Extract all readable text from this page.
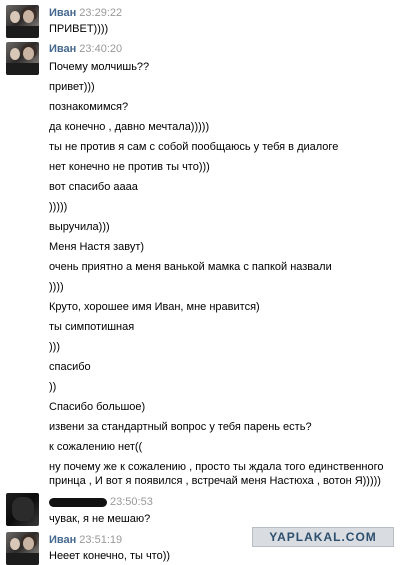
Иван 23:29:22
ПРИВЕТ))))
Иван 23:40:20
Почему молчишь??
привет)))
познакомимся?
да конечно , давно мечтала)))))
ты не против я сам с собой пообщаюсь у тебя в диалоге
нет конечно не против ты что)))
вот спасибо аааа
)))))
выручила)))
Меня Настя завут)
очень приятно а меня ванькой мамка с папкой назвали
))))
Круто, хорошее имя Иван, мне нравится)
ты симпотишная
)))
спасибо
))
Спасибо большое)
извени за стандартный вопрос у тебя парень есть?
к сожалению нет((
ну почему же к сожалению , просто ты ждала того единственного
принца , И вот я появился , встречай меня Настюха , вотон Я)))))
23:50:53
чувак, я не мешаю?
YAPLAKAL.COM
Иван 23:51:19
Нееет конечно, ты что))
